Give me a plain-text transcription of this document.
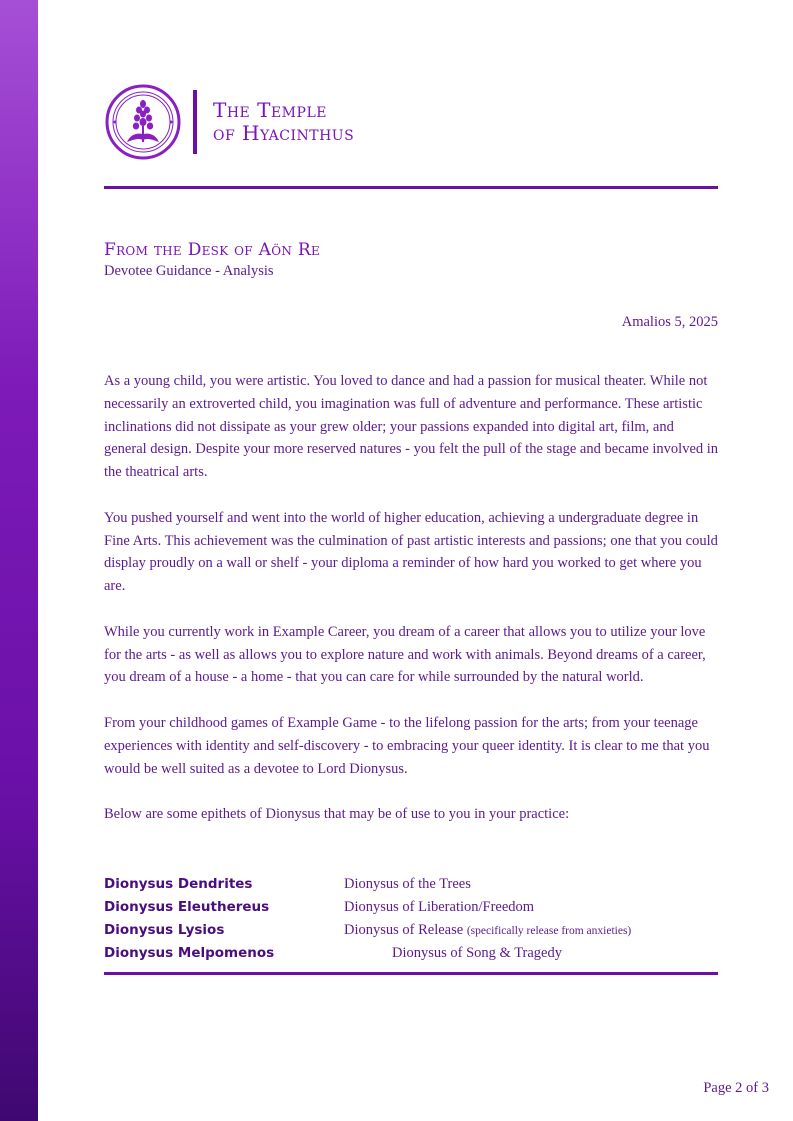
The Temple
of Hyacinthus
From the Desk of Aön Re
Devotee Guidance - Analysis
Amalios 5, 2025

As a young child, you were artistic. You loved to dance and had a passion for musical theater. While not necessarily an extroverted child, you imagination was full of adventure and performance. These artistic inclinations did not dissipate as your grew older; your passions expanded into digital art, film, and general design. Despite your more reserved natures - you felt the pull of the stage and became involved in the theatrical arts.

You pushed yourself and went into the world of higher education, achieving a undergraduate degree in Fine Arts. This achievement was the culmination of past artistic interests and passions; one that you could display proudly on a wall or shelf - your diploma a reminder of how hard you worked to get where you are.

While you currently work in Example Career, you dream of a career that allows you to utilize your love for the arts - as well as allows you to explore nature and work with animals. Beyond dreams of a career, you dream of a house - a home - that you can care for while surrounded by the natural world.

From your childhood games of Example Game - to the lifelong passion for the arts; from your teenage experiences with identity and self-discovery - to embracing your queer identity. It is clear to me that you would be well suited as a devotee to Lord Dionysus.

Below are some epithets of Dionysus that may be of use to you in your practice:

Dionysus Dendrites	Dionysus of the Trees
Dionysus Eleuthereus	Dionysus of Liberation/Freedom
Dionysus Lysios	Dionysus of Release (specifically release from anxieties)
Dionysus Melpomenos	Dionysus of Song & Tragedy
Page 2 of 3
